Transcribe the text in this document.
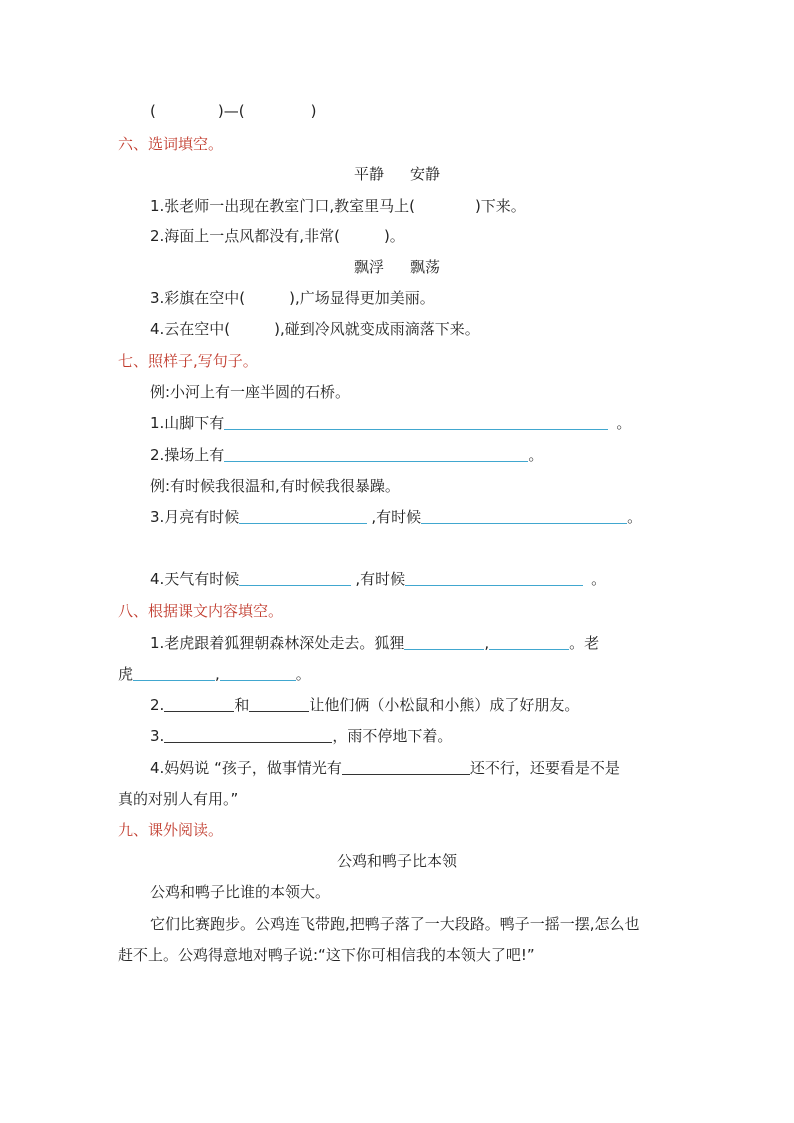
(	)—(	)
六、选词填空。
平静 安静
1.张老师一出现在教室门口,教室里马上(	)下来。
2.海面上一点风都没有,非常(	)。
飘浮 飘荡
3.彩旗在空中(	),广场显得更加美丽。
4.云在空中(	),碰到冷风就变成雨滴落下来。
七、照样子,写句子。
例:小河上有一座半圆的石桥。
1.山脚下有	。
2.操场上有	。
例:有时候我很温和,有时候我很暴躁。
3.月亮有时候	,有时候	。
4.天气有时候	,有时候	。
八、根据课文内容填空。
1.老虎跟着狐狸朝森林深处走去。狐狸	,	。老
虎	,	。
2.	和	让他们俩（小松鼠和小熊）成了好朋友。
3.	，雨不停地下着。
4.妈妈说 “孩子，做事情光有	还不行，还要看是不是
真的对别人有用。”
九、课外阅读。
公鸡和鸭子比本领
公鸡和鸭子比谁的本领大。
它们比赛跑步。公鸡连飞带跑,把鸭子落了一大段路。鸭子一摇一摆,怎么也
赶不上。公鸡得意地对鸭子说:“这下你可相信我的本领大了吧!”
